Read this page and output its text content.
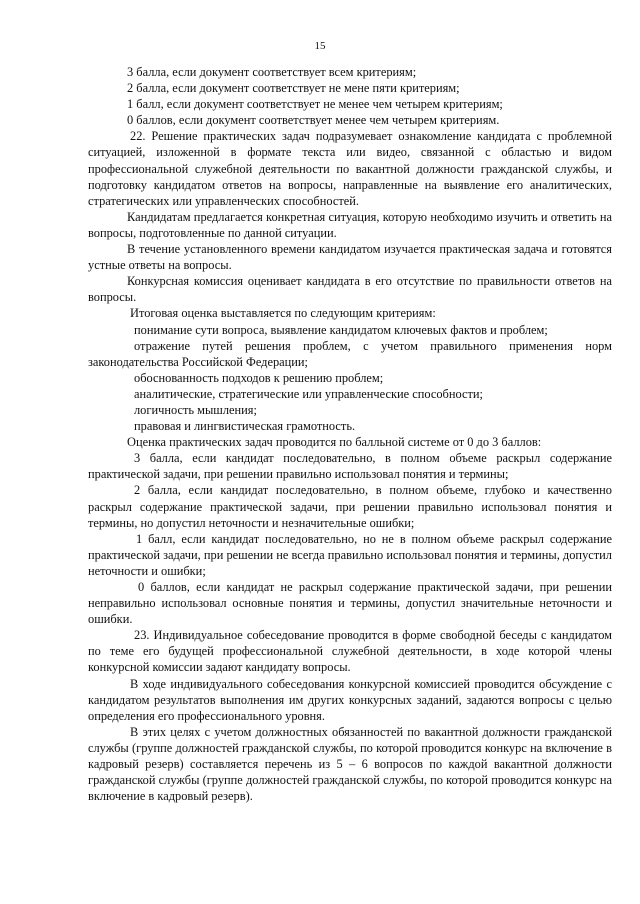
15

3 балла, если документ соответствует всем критериям;

2 балла, если документ соответствует не мене пяти критериям;

1 балл, если документ соответствует не менее чем четырем критериям;

0 баллов, если документ соответствует менее чем четырем критериям.

22. Решение практических задач подразумевает ознакомление кандидата с проблемной ситуацией, изложенной в формате текста или видео, связанной с областью и видом профессиональной служебной деятельности по вакантной должности гражданской службы, и подготовку кандидатом ответов на вопросы, направленные на выявление его аналитических, стратегических или управленческих способностей.

Кандидатам предлагается конкретная ситуация, которую необходимо изучить и ответить на вопросы, подготовленные по данной ситуации.

В течение установленного времени кандидатом изучается практическая задача и готовятся устные ответы на вопросы.

Конкурсная комиссия оценивает кандидата в его отсутствие по правильности ответов на вопросы.

Итоговая оценка выставляется по следующим критериям:

понимание сути вопроса, выявление кандидатом ключевых фактов и проблем;

отражение путей решения проблем, с учетом правильного применения норм законодательства Российской Федерации;

обоснованность подходов к решению проблем;

аналитические, стратегические или управленческие способности;

логичность мышления;

правовая и лингвистическая грамотность.

Оценка практических задач проводится по балльной системе от 0 до 3 баллов:

3 балла, если кандидат последовательно, в полном объеме раскрыл содержание практической задачи, при решении правильно использовал понятия и термины;

2 балла, если кандидат последовательно, в полном объеме, глубоко и качественно раскрыл содержание практической задачи, при решении правильно использовал понятия и термины, но допустил неточности и незначительные ошибки;

1 балл, если кандидат последовательно, но не в полном объеме раскрыл содержание практической задачи, при решении не всегда правильно использовал понятия и термины, допустил неточности и ошибки;

0 баллов, если кандидат не раскрыл содержание практической задачи, при решении неправильно использовал основные понятия и термины, допустил значительные неточности и ошибки.

23. Индивидуальное собеседование проводится в форме свободной беседы с кандидатом по теме его будущей профессиональной служебной деятельности, в ходе которой члены конкурсной комиссии задают кандидату вопросы.

В ходе индивидуального собеседования конкурсной комиссией проводится обсуждение с кандидатом результатов выполнения им других конкурсных заданий, задаются вопросы с целью определения его профессионального уровня.

В этих целях с учетом должностных обязанностей по вакантной должности гражданской службы (группе должностей гражданской службы, по которой проводится конкурс на включение в кадровый резерв) составляется перечень из 5 – 6 вопросов по каждой вакантной должности гражданской службы (группе должностей гражданской службы, по которой проводится конкурс на включение в кадровый резерв).
